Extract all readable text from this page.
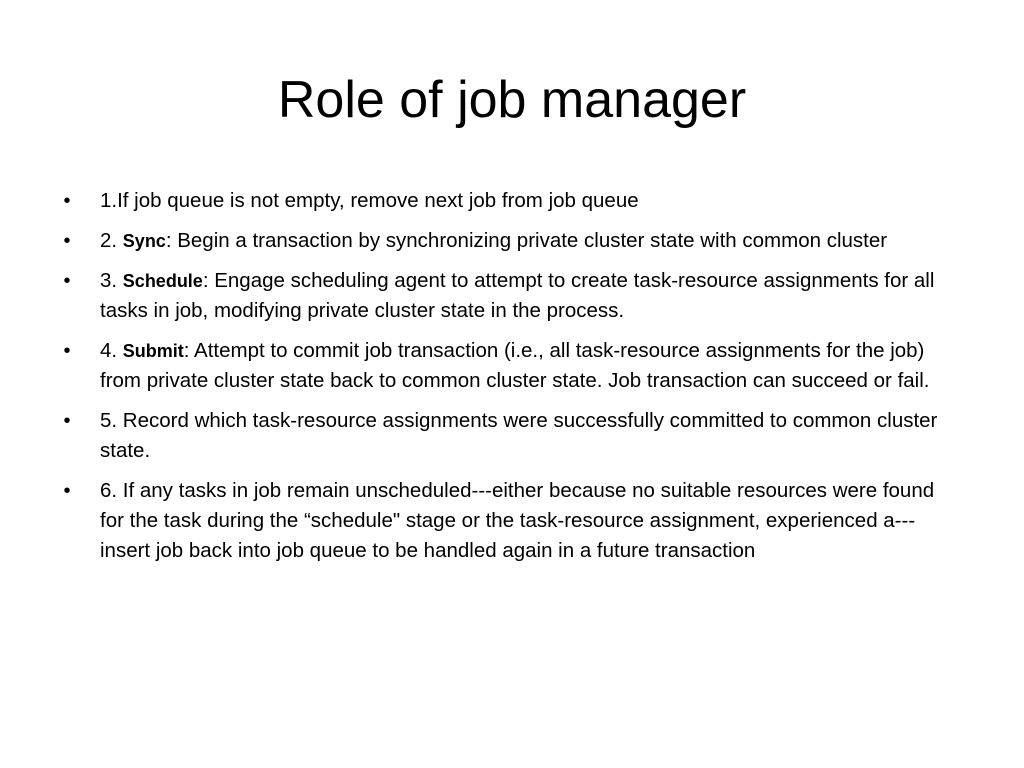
Role of job manager
• 1.If job queue is not empty, remove next job from job queue
• 2. Sync: Begin a transaction by synchronizing private cluster state with common cluster
• 3. Schedule: Engage scheduling agent to attempt to create task-resource assignments for all tasks in job, modifying private cluster state in the process.
• 4. Submit: Attempt to commit job transaction (i.e., all task-resource assignments for the job) from private cluster state back to common cluster state. Job transaction can succeed or fail.
• 5. Record which task-resource assignments were successfully committed to common cluster state.
• 6. If any tasks in job remain unscheduled---either because no suitable resources were found for the task during the “schedule" stage or the task-resource assignment, experienced a---insert job back into job queue to be handled again in a future transaction
